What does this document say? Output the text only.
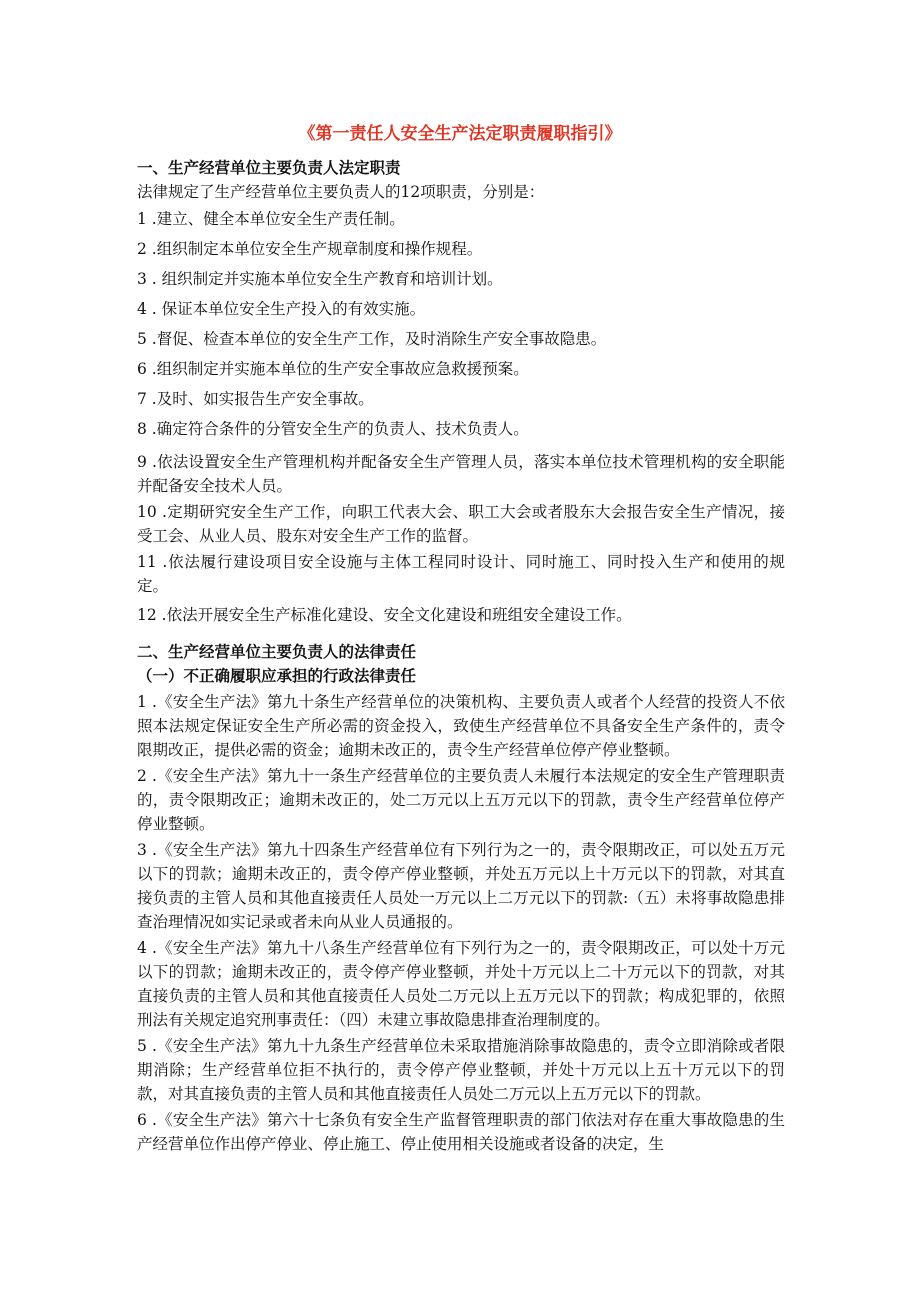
《第一责任人安全生产法定职责履职指引》
一、生产经营单位主要负责人法定职责
法律规定了生产经营单位主要负责人的12项职责，分别是：
1 .建立、健全本单位安全生产责任制。
2 .组织制定本单位安全生产规章制度和操作规程。
3 . 组织制定并实施本单位安全生产教育和培训计划。
4 . 保证本单位安全生产投入的有效实施。
5 .督促、检查本单位的安全生产工作，及时消除生产安全事故隐患。
6 .组织制定并实施本单位的生产安全事故应急救援预案。
7 .及时、如实报告生产安全事故。
8 .确定符合条件的分管安全生产的负责人、技术负责人。
9 .依法设置安全生产管理机构并配备安全生产管理人员，落实本单位技术管理机构的安全职能并配备安全技术人员。
10 .定期研究安全生产工作，向职工代表大会、职工大会或者股东大会报告安全生产情况，接受工会、从业人员、股东对安全生产工作的监督。
11 .依法履行建设项目安全设施与主体工程同时设计、同时施工、同时投入生产和使用的规定。
12 .依法开展安全生产标准化建设、安全文化建设和班组安全建设工作。
二、生产经营单位主要负责人的法律责任
（一）不正确履职应承担的行政法律责任
1 .《安全生产法》第九十条生产经营单位的决策机构、主要负责人或者个人经营的投资人不依照本法规定保证安全生产所必需的资金投入，致使生产经营单位不具备安全生产条件的，责令限期改正，提供必需的资金；逾期未改正的，责令生产经营单位停产停业整顿。
2 .《安全生产法》第九十一条生产经营单位的主要负责人未履行本法规定的安全生产管理职责的，责令限期改正；逾期未改正的，处二万元以上五万元以下的罚款，责令生产经营单位停产停业整顿。
3 .《安全生产法》第九十四条生产经营单位有下列行为之一的，责令限期改正，可以处五万元以下的罚款；逾期未改正的，责令停产停业整顿，并处五万元以上十万元以下的罚款，对其直接负责的主管人员和其他直接责任人员处一万元以上二万元以下的罚款:（五）未将事故隐患排查治理情况如实记录或者未向从业人员通报的。
4 .《安全生产法》第九十八条生产经营单位有下列行为之一的，责令限期改正，可以处十万元以下的罚款；逾期未改正的，责令停产停业整顿，并处十万元以上二十万元以下的罚款，对其直接负责的主管人员和其他直接责任人员处二万元以上五万元以下的罚款；构成犯罪的，依照刑法有关规定追究刑事责任：（四）未建立事故隐患排查治理制度的。
5 .《安全生产法》第九十九条生产经营单位未采取措施消除事故隐患的，责令立即消除或者限期消除；生产经营单位拒不执行的，责令停产停业整顿，并处十万元以上五十万元以下的罚款，对其直接负责的主管人员和其他直接责任人员处二万元以上五万元以下的罚款。
6 .《安全生产法》第六十七条负有安全生产监督管理职责的部门依法对存在重大事故隐患的生产经营单位作出停产停业、停止施工、停止使用相关设施或者设备的决定，生
